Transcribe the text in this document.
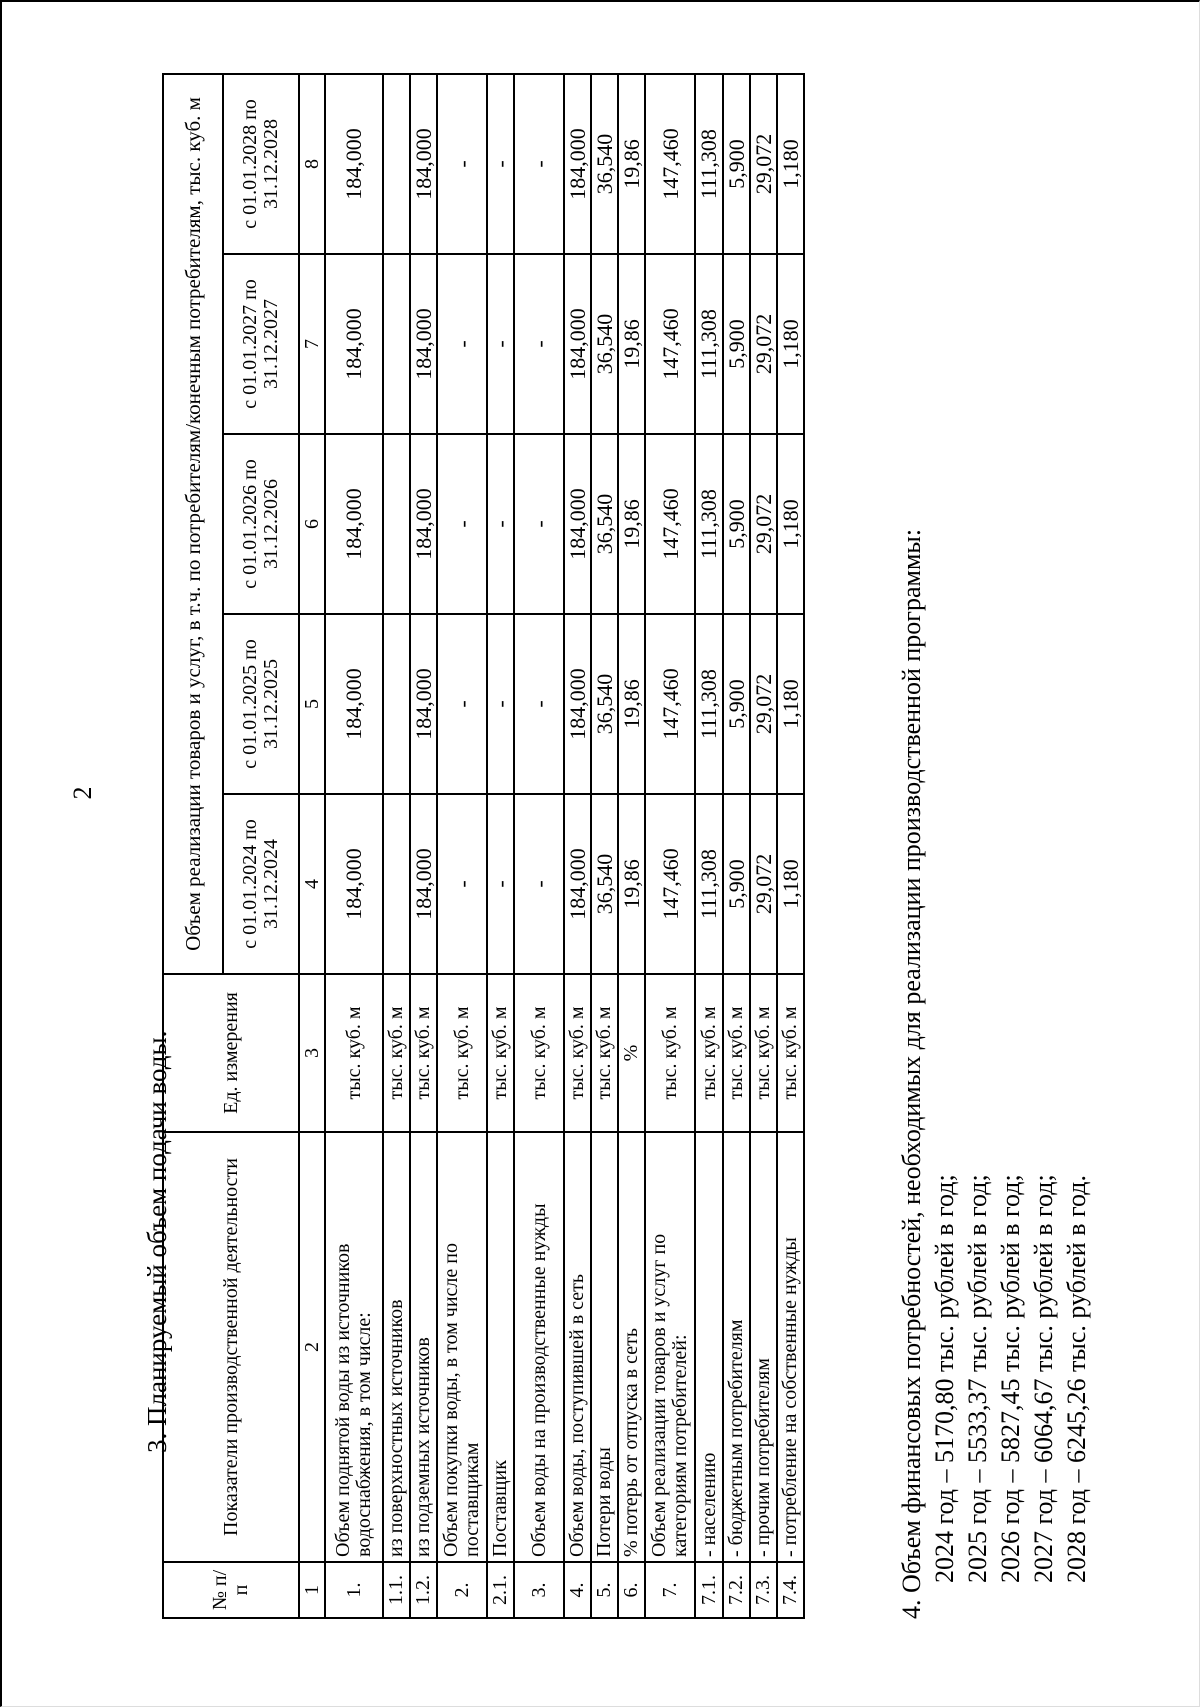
2
3. Планируемый объем подачи воды.
№ п/п	Показатели производственной деятельности	Ед. измерения	Объем реализации товаров и услуг, в т.ч. по потребителям/конечным потребителям, тыс. куб. м				
			с 01.01.2024 по 31.12.2024	с 01.01.2025 по 31.12.2025	с 01.01.2026 по 31.12.2026	с 01.01.2027 по 31.12.2027	с 01.01.2028 по 31.12.2028
1	2	3	4	5	6	7	8
1.	Объем поднятой воды из источников водоснабжения, в том числе:	тыс. куб. м	184,000	184,000	184,000	184,000	184,000
1.1.	из поверхностных источников	тыс. куб. м					
1.2.	из подземных источников	тыс. куб. м	184,000	184,000	184,000	184,000	184,000
2.	Объем покупки воды, в том числе по поставщикам	тыс. куб. м	-	-	-	-	-
2.1.	Поставщик	тыс. куб. м	-	-	-	-	-
3.	Объем воды на производственные нужды	тыс. куб. м	-	-	-	-	-
4.	Объем воды, поступившей в сеть	тыс. куб. м	184,000	184,000	184,000	184,000	184,000
5.	Потери воды	тыс. куб. м	36,540	36,540	36,540	36,540	36,540
6.	% потерь от отпуска в сеть	%	19,86	19,86	19,86	19,86	19,86
7.	Объем реализации товаров и услуг по категориям потребителей:	тыс. куб. м	147,460	147,460	147,460	147,460	147,460
7.1.	- населению	тыс. куб. м	111,308	111,308	111,308	111,308	111,308
7.2.	- бюджетным потребителям	тыс. куб. м	5,900	5,900	5,900	5,900	5,900
7.3.	- прочим потребителям	тыс. куб. м	29,072	29,072	29,072	29,072	29,072
7.4.	- потребление на собственные нужды	тыс. куб. м	1,180	1,180	1,180	1,180	1,180
4. Объем финансовых потребностей, необходимых для реализации производственной программы: 2024 год – 5170,80 тыс. рублей в год; 2025 год – 5533,37 тыс. рублей в год; 2026 год – 5827,45 тыс. рублей в год; 2027 год – 6064,67 тыс. рублей в год; 2028 год – 6245,26 тыс. рублей в год.
